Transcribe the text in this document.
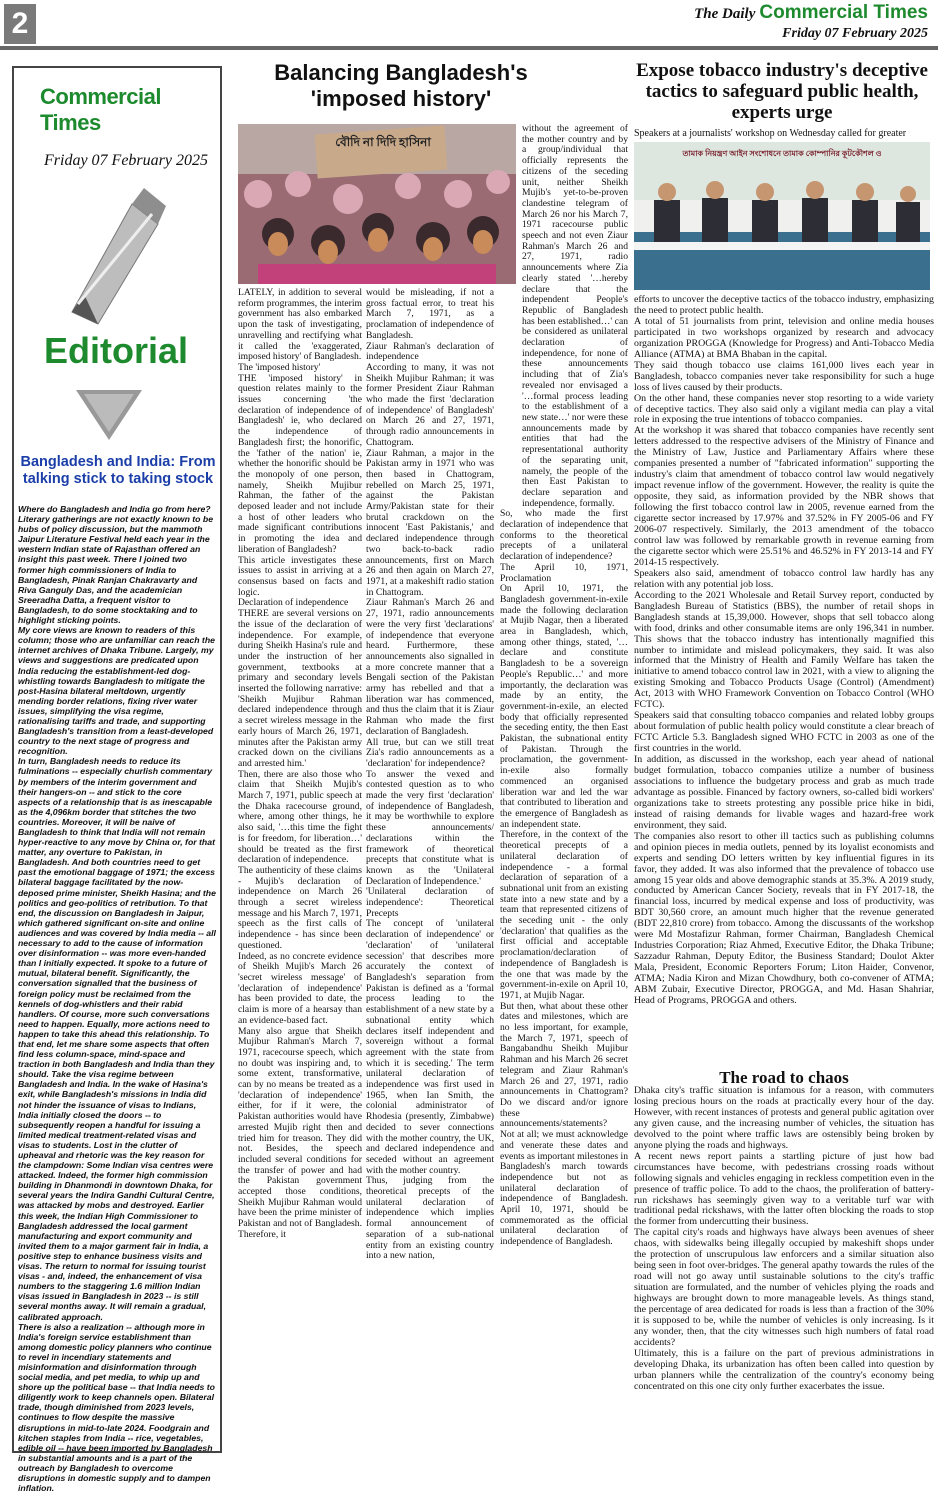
2	The Daily Commercial Times
Friday 07 February 2025
Commercial Times
Friday 07 February 2025
Editorial
Bangladesh and India: From talking stick to taking stock

Where do Bangladesh and India go from here? Literary gatherings are not exactly known to be hubs of policy discussion, but the mammoth Jaipur Literature Festival held each year in the western Indian state of Rajasthan offered an insight this past week. There I joined two former high commissioners of India to Bangladesh, Pinak Ranjan Chakravarty and Riva Ganguly Das, and the academician Sreeradha Datta, a frequent visitor to Bangladesh, to do some stocktaking and to highlight sticking points.

My core views are known to readers of this column; those who are unfamiliar can reach the internet archives of Dhaka Tribune. Largely, my views and suggestions are predicated upon India reducing the establishment-led dog-whistling towards Bangladesh to mitigate the post-Hasina bilateral meltdown, urgently mending border relations, fixing river water issues, simplifying the visa regime, rationalising tariffs and trade, and supporting Bangladesh's transition from a least-developed country to the next stage of progress and recognition.

In turn, Bangladesh needs to reduce its fulminations -- especially churlish commentary by members of the interim government and their hangers-on -- and stick to the core aspects of a relationship that is as inescapable as the 4,096km border that stitches the two countries. Moreover, it will be naive of Bangladesh to think that India will not remain hyper-reactive to any move by China or, for that matter, any overture to Pakistan, in Bangladesh. And both countries need to get past the emotional baggage of 1971; the excess bilateral baggage facilitated by the now-deposed prime minister, Sheikh Hasina; and the politics and geo-politics of retribution. To that end, the discussion on Bangladesh in Jaipur, which gathered significant on-site and online audiences and was covered by India media -- all necessary to add to the cause of information over disinformation -- was more even-handed than I initially expected. It spoke to a future of mutual, bilateral benefit. Significantly, the conversation signalled that the business of foreign policy must be reclaimed from the kennels of dog-whistlers and their rabid handlers. Of course, more such conversations need to happen. Equally, more actions need to happen to take this ahead this relationship. To that end, let me share some aspects that often find less column-space, mind-space and traction in both Bangladesh and India than they should. Take the visa regime between Bangladesh and India. In the wake of Hasina's exit, while Bangladesh's missions in India did not hinder the issuance of visas to Indians, India initially closed the doors -- to subsequently reopen a handful for issuing a limited medical treatment-related visas and visas to students. Lost in the clutter of upheaval and rhetoric was the key reason for the clampdown: Some Indian visa centres were attacked. Indeed, the former high commission building in Dhanmondi in downtown Dhaka, for several years the Indira Gandhi Cultural Centre, was attacked by mobs and destroyed. Earlier this week, the Indian High Commissioner to Bangladesh addressed the local garment manufacturing and export community and invited them to a major garment fair in India, a positive step to enhance business visits and visas. The return to normal for issuing tourist visas - and, indeed, the enhancement of visa numbers to the staggering 1.6 million Indian visas issued in Bangladesh in 2023 -- is still several months away. It will remain a gradual, calibrated approach.

There is also a realization -- although more in India's foreign service establishment than among domestic policy planners who continue to revel in incendiary statements and misinformation and disinformation through social media, and pet media, to whip up and shore up the political base -- that India needs to diligently work to keep channels open. Bilateral trade, though diminished from 2023 levels, continues to flow despite the massive disruptions in mid-to-late 2024. Foodgrain and kitchen staples from India -- rice, vegetables, edible oil -- have been imported by Bangladesh in substantial amounts and is a part of the outreach by Bangladesh to overcome disruptions in domestic supply and to dampen inflation.

Balancing Bangladesh's 'imposed history'
বৌদি না দিদি হাসিনা

LATELY, in addition to several reform programmes, the interim government has also embarked upon the task of investigating, unravelling and rectifying what it called the 'exaggerated, imposed history' of Bangladesh.

The 'imposed history'

THE 'imposed history' in question relates mainly to the issues concerning 'the declaration of independence of Bangladesh' ie, who declared the independence of Bangladesh first; the honorific, the 'father of the nation' ie, whether the honorific should be the monopoly of one person, namely, Sheikh Mujibur Rahman, the father of the deposed leader and not include a host of other leaders who made significant contributions in promoting the idea and liberation of Bangladesh?

This article investigates these issues to assist in arriving at a consensus based on facts and logic.

Declaration of independence

THERE are several versions on the issue of the declaration of independence. For example, during Sheikh Hasina's rule and under the instruction of her government, textbooks at primary and secondary levels inserted the following narrative: 'Sheikh Mujibur Rahman declared independence through a secret wireless message in the early hours of March 26, 1971, minutes after the Pakistan army cracked down on the civilians and arrested him.'

Then, there are also those who claim that Sheikh Mujib's March 7, 1971, public speech at the Dhaka racecourse ground, where, among other things, he also said, '…this time the fight is for freedom, for liberation…' should be treated as the first declaration of independence.

The authenticity of these claims - Mujib's declaration of independence on March 26 through a secret wireless message and his March 7, 1971, speech as the first calls of independence - has since been questioned.

Indeed, as no concrete evidence of Sheikh Mujib's March 26 'secret wireless message' of 'declaration of independence' has been provided to date, the claim is more of a hearsay than an evidence-based fact.

Many also argue that Sheikh Mujibur Rahman's March 7, 1971, racecourse speech, which no doubt was inspiring and, to some extent, transformative, can by no means be treated as a 'declaration of independence' either, for if it were, the Pakistan authorities would have arrested Mujib right then and tried him for treason. They did not. Besides, the speech included several conditions for the transfer of power and had the Pakistan government accepted those conditions, Sheikh Mujibur Rahman would have been the prime minister of Pakistan and not of Bangladesh. Therefore, it

would be misleading, if not a gross factual error, to treat his March 7, 1971, as a proclamation of independence of Bangladesh.

Ziaur Rahman's declaration of independence

According to many, it was not Sheikh Mujibur Rahman; it was former President Ziaur Rahman who made the first 'declaration of independence' of Bangladesh' on March 26 and 27, 1971, through radio announcements in Chattogram.

Ziaur Rahman, a major in the Pakistan army in 1971 who was then based in Chattogram, rebelled on March 25, 1971, against the Pakistan Army/Pakistan state for their brutal crackdown on the innocent 'East Pakistanis,' and declared independence through two back-to-back radio announcements, first on March 26 and then again on March 27, 1971, at a makeshift radio station in Chattogram.

Ziaur Rahman's March 26 and 27, 1971, radio announcements were the very first 'declarations' of independence that everyone heard. Furthermore, these announcements also signalled in a more concrete manner that a Bengali section of the Pakistan army has rebelled and that a liberation war has commenced, and thus the claim that it is Ziaur Rahman who made the first declaration of Bangladesh.

All true, but can we still treat Zia's radio announcements as a 'declaration' for independence?

To answer the vexed and contested question as to who made the very first 'declaration' of independence of Bangladesh, it may be worthwhile to explore these announcements/ declarations within the framework of theoretical precepts that constitute what is known as the 'Unilateral Declaration of Independence.'

'Unilateral declaration of independence': Theoretical Precepts

The concept of 'unilateral declaration of independence' or 'declaration' of 'unilateral secession' that describes more accurately the context of Bangladesh's separation from Pakistan is defined as a 'formal process leading to the establishment of a new state by a subnational entity which declares itself independent and sovereign without a formal agreement with the state from which it is seceding.' The term unilateral declaration of independence was first used in 1965, when Ian Smith, the colonial administrator of Rhodesia (presently, Zimbabwe) decided to sever connections with the mother country, the UK, and declared independence and seceded without an agreement with the mother country.

Thus, judging from the theoretical precepts of the unilateral declaration of independence which implies formal announcement of separation of a sub-national entity from an existing country into a new nation,

without the agreement of the mother country and by a group/individual that officially represents the citizens of the seceding unit, neither Sheikh Mujib's yet-to-be-proven clandestine telegram of March 26 nor his March 7, 1971 racecourse public speech and not even Ziaur Rahman's March 26 and 27, 1971, radio announcements where Zia clearly stated '…hereby declare that the independent People's Republic of Bangladesh has been established…' can be considered as unilateral declaration of independence, for none of these announcements including that of Zia's revealed nor envisaged a '…formal process leading to the establishment of a new state…' nor were these announcements made by entities that had the representational authority of the separating unit, namely, the people of the then East Pakistan to declare separation and independence, formally.

So, who made the first declaration of independence that conforms to the theoretical precepts of a unilateral declaration of independence?

The April 10, 1971, Proclamation

On April 10, 1971, the Bangladesh government-in-exile made the following declaration at Mujib Nagar, then a liberated area in Bangladesh, which, among other things, stated, '…declare and constitute Bangladesh to be a sovereign People's Republic…' and more importantly, the declaration was made by an entity, the government-in-exile, an elected body that officially represented the seceding entity, the then East Pakistan, the subnational entity of Pakistan. Through the proclamation, the government-in-exile also formally commenced an organised liberation war and led the war that contributed to liberation and the emergence of Bangladesh as an independent state.

Therefore, in the context of the theoretical precepts of a unilateral declaration of independence - a formal declaration of separation of a subnational unit from an existing state into a new state and by a team that represented citizens of the seceding unit - the only 'declaration' that qualifies as the first official and acceptable proclamation/declaration of independence of Bangladesh is the one that was made by the government-in-exile on April 10, 1971, at Mujib Nagar.

But then, what about these other dates and milestones, which are no less important, for example, the March 7, 1971, speech of Bangabandhu Sheikh Mujibur Rahman and his March 26 secret telegram and Ziaur Rahman's March 26 and 27, 1971, radio announcements in Chattogram? Do we discard and/or ignore these announcements/statements?

Not at all; we must acknowledge and venerate these dates and events as important milestones in Bangladesh's march towards independence but not as unilateral declaration of independence of Bangladesh. April 10, 1971, should be commemorated as the official unilateral declaration of independence of Bangladesh.

Expose tobacco industry's deceptive tactics to safeguard public health, experts urge
Speakers at a journalists' workshop on Wednesday called for greater
তামাক নিয়ন্ত্রণ আইন সংশোধনে তামাক কোম্পানির কূটকৌশল ও

efforts to uncover the deceptive tactics of the tobacco industry, emphasizing the need to protect public health.

A total of 51 journalists from print, television and online media houses participated in two workshops organized by research and advocacy organization PROGGA (Knowledge for Progress) and Anti-Tobacco Media Alliance (ATMA) at BMA Bhaban in the capital.

They said though tobacco use claims 161,000 lives each year in Bangladesh, tobacco companies never take responsibility for such a huge loss of lives caused by their products.

On the other hand, these companies never stop resorting to a wide variety of deceptive tactics. They also said only a vigilant media can play a vital role in exposing the true intentions of tobacco companies.

At the workshop it was shared that tobacco companies have recently sent letters addressed to the respective advisers of the Ministry of Finance and the Ministry of Law, Justice and Parliamentary Affairs where these companies presented a number of "fabricated information" supporting the industry's claim that amendment of tobacco control law would negatively impact revenue inflow of the government. However, the reality is quite the opposite, they said, as information provided by the NBR shows that following the first tobacco control law in 2005, revenue earned from the cigarette sector increased by 17.97% and 37.52% in FY 2005-06 and FY 2006-07 respectively. Similarly, the 2013 amendment of the tobacco control law was followed by remarkable growth in revenue earning from the cigarette sector which were 25.51% and 46.52% in FY 2013-14 and FY 2014-15 respectively.

Speakers also said, amendment of tobacco control law hardly has any relation with any potential job loss.

According to the 2021 Wholesale and Retail Survey report, conducted by Bangladesh Bureau of Statistics (BBS), the number of retail shops in Bangladesh stands at 15,39,000. However, shops that sell tobacco along with food, drinks and other consumable items are only 196,341 in number. This shows that the tobacco industry has intentionally magnified this number to intimidate and mislead policymakers, they said. It was also informed that the Ministry of Health and Family Welfare has taken the initiative to amend tobacco control law in 2021, with a view to aligning the existing Smoking and Tobacco Products Usage (Control) (Amendment) Act, 2013 with WHO Framework Convention on Tobacco Control (WHO FCTC).

Speakers said that consulting tobacco companies and related lobby groups about formulation of public health policy would constitute a clear breach of FCTC Article 5.3. Bangladesh signed WHO FCTC in 2003 as one of the first countries in the world.

In addition, as discussed in the workshop, each year ahead of national budget formulation, tobacco companies utilize a number of business associations to influence the budgetary process and grab as much trade advantage as possible. Financed by factory owners, so-called bidi workers' organizations take to streets protesting any possible price hike in bidi, instead of raising demands for livable wages and hazard-free work environment, they said.

The companies also resort to other ill tactics such as publishing columns and opinion pieces in media outlets, penned by its loyalist economists and experts and sending DO letters written by key influential figures in its favor, they added. It was also informed that the prevalence of tobacco use among 15 year olds and above demographic stands at 35.3%. A 2019 study, conducted by American Cancer Society, reveals that in FY 2017-18, the financial loss, incurred by medical expense and loss of productivity, was BDT 30,560 crore, an amount much higher that the revenue generated (BDT 22,810 crore) from tobacco. Among the discussants of the workshop were Md Mostafizur Rahman, former Chairman, Bangladesh Chemical Industries Corporation; Riaz Ahmed, Executive Editor, the Dhaka Tribune; Sazzadur Rahman, Deputy Editor, the Business Standard; Doulot Akter Mala, President, Economic Reporters Forum; Liton Haider, Convenor, ATMA; Nadia Kiron and Mizan Chowdhury, both co-convener of ATMA; ABM Zubair, Executive Director, PROGGA, and Md. Hasan Shahriar, Head of Programs, PROGGA and others.

The road to chaos

Dhaka city's traffic situation is infamous for a reason, with commuters losing precious hours on the roads at practically every hour of the day. However, with recent instances of protests and general public agitation over any given cause, and the increasing number of vehicles, the situation has devolved to the point where traffic laws are ostensibly being broken by anyone plying the roads and highways.

A recent news report paints a startling picture of just how bad circumstances have become, with pedestrians crossing roads without following signals and vehicles engaging in reckless competition even in the presence of traffic police. To add to the chaos, the proliferation of battery-run rickshaws has seemingly given way to a veritable turf war with traditional pedal rickshaws, with the latter often blocking the roads to stop the former from undercutting their business.

The capital city's roads and highways have always been avenues of sheer chaos, with sidewalks being illegally occupied by makeshift shops under the protection of unscrupulous law enforcers and a similar situation also being seen in foot over-bridges. The general apathy towards the rules of the road will not go away until sustainable solutions to the city's traffic situation are formulated, and the number of vehicles plying the roads and highways are brought down to more manageable levels. As things stand, the percentage of area dedicated for roads is less than a fraction of the 30% it is supposed to be, while the number of vehicles is only increasing. Is it any wonder, then, that the city witnesses such high numbers of fatal road accidents?

Ultimately, this is a failure on the part of previous administrations in developing Dhaka, its urbanization has often been called into question by urban planners while the centralization of the country's economy being concentrated on this one city only further exacerbates the issue.
